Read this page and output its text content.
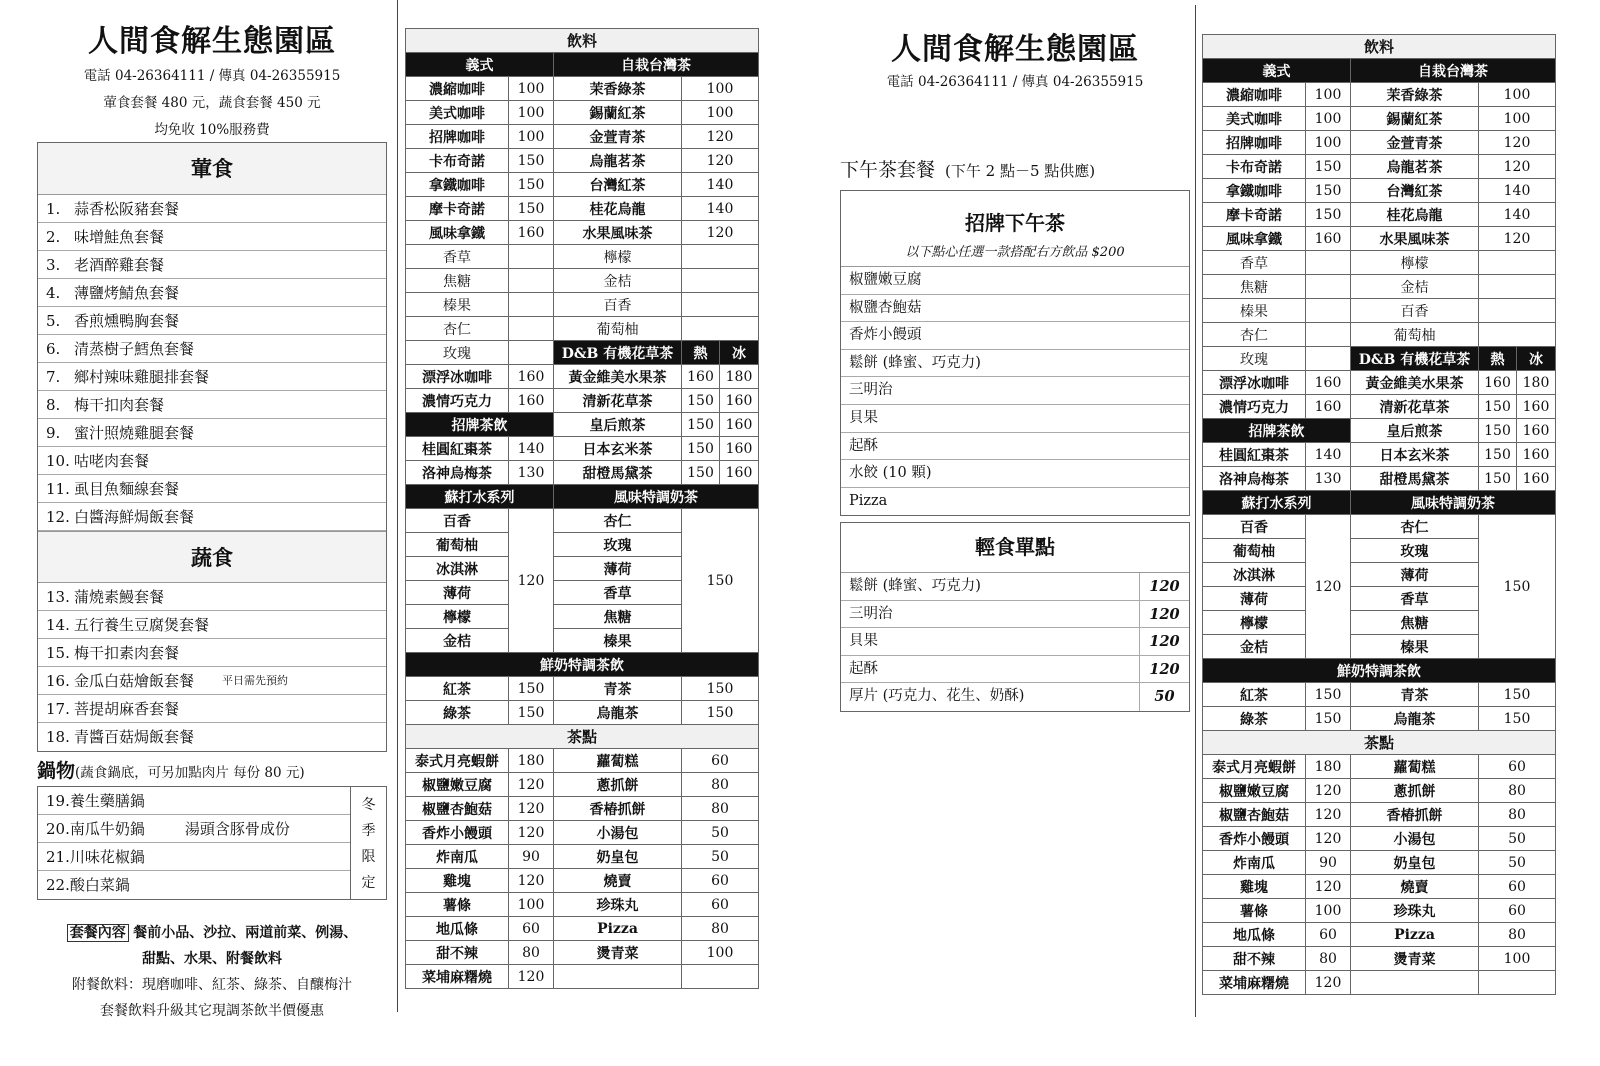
人間食解生態園區
電話 04-26364111 / 傳真 04-26355915
葷食套餐 480 元，蔬食套餐 450 元
均免收 10%服務費
葷食
1. 蒜香松阪豬套餐
2. 味增鮭魚套餐
3. 老酒醉雞套餐
4. 薄鹽烤鯖魚套餐
5. 香煎燻鴨胸套餐
6. 清蒸樹子鱈魚套餐
7. 鄉村辣味雞腿排套餐
8. 梅干扣肉套餐
9. 蜜汁照燒雞腿套餐
10. 咕咾肉套餐
11. 虱目魚麵線套餐
12. 白醬海鮮焗飯套餐
蔬食
13. 蒲燒素鰻套餐
14. 五行養生豆腐煲套餐
15. 梅干扣素肉套餐
16. 金瓜白菇燴飯套餐	平日需先預約
17. 菩提胡麻香套餐
18. 青醬百菇焗飯套餐
鍋物(蔬食鍋底，可另加點肉片 每份 80 元)
19. 養生藥膳鍋
20. 南瓜牛奶鍋	湯頭含豚骨成份
21. 川味花椒鍋
22. 酸白菜鍋
冬
季
限
定
套餐內容 餐前小品、沙拉、兩道前菜、例湯、
甜點、水果、附餐飲料
附餐飲料：現磨咖啡、紅茶、綠茶、自釀梅汁
套餐飲料升級其它現調茶飲半價優惠
飲料				
義式		自栽台灣茶		
濃縮咖啡	100	茉香綠茶	100	
美式咖啡	100	錫蘭紅茶	100	
招牌咖啡	100	金萱青茶	120	
卡布奇諾	150	烏龍茗茶	120	
拿鐵咖啡	150	台灣紅茶	140	
摩卡奇諾	150	桂花烏龍	140	
風味拿鐵	160	水果風味茶	120	
香草		檸檬		
焦糖		金桔		
榛果		百香		
杏仁		葡萄柚		
玫瑰		D&B 有機花草茶	熱	冰
漂浮冰咖啡	160	黃金維美水果茶	160	180
濃情巧克力	160	清新花草茶	150	160
招牌茶飲		皇后煎茶	150	160
桂圓紅棗茶	140	日本玄米茶	150	160
洛神烏梅茶	130	甜橙馬黛茶	150	160
蘇打水系列		風味特調奶茶		
百香	120	杏仁	150	
葡萄柚		玫瑰		
冰淇淋		薄荷		
薄荷		香草		
檸檬		焦糖		
金桔		榛果		
鮮奶特調茶飲				
紅茶	150	青茶	150	
綠茶	150	烏龍茶	150	
茶點				
泰式月亮蝦餅	180	蘿蔔糕	60	
椒鹽嫩豆腐	120	蔥抓餅	80	
椒鹽杏鮑菇	120	香椿抓餅	80	
香炸小饅頭	120	小湯包	50	
炸南瓜	90	奶皇包	50	
雞塊	120	燒賣	60	
薯條	100	珍珠丸	60	
地瓜條	60	Pizza	80	
甜不辣	80	燙青菜	100	
菜埔麻糬燒	120			
飲料				
義式		自栽台灣茶		
濃縮咖啡	100	茉香綠茶	100	
美式咖啡	100	錫蘭紅茶	100	
招牌咖啡	100	金萱青茶	120	
卡布奇諾	150	烏龍茗茶	120	
拿鐵咖啡	150	台灣紅茶	140	
摩卡奇諾	150	桂花烏龍	140	
風味拿鐵	160	水果風味茶	120	
香草		檸檬		
焦糖		金桔		
榛果		百香		
杏仁		葡萄柚		
玫瑰		D&B 有機花草茶	熱	冰
漂浮冰咖啡	160	黃金維美水果茶	160	180
濃情巧克力	160	清新花草茶	150	160
招牌茶飲		皇后煎茶	150	160
桂圓紅棗茶	140	日本玄米茶	150	160
洛神烏梅茶	130	甜橙馬黛茶	150	160
蘇打水系列		風味特調奶茶		
百香	120	杏仁	150	
葡萄柚		玫瑰		
冰淇淋		薄荷		
薄荷		香草		
檸檬		焦糖		
金桔		榛果		
鮮奶特調茶飲				
紅茶	150	青茶	150	
綠茶	150	烏龍茶	150	
茶點				
泰式月亮蝦餅	180	蘿蔔糕	60	
椒鹽嫩豆腐	120	蔥抓餅	80	
椒鹽杏鮑菇	120	香椿抓餅	80	
香炸小饅頭	120	小湯包	50	
炸南瓜	90	奶皇包	50	
雞塊	120	燒賣	60	
薯條	100	珍珠丸	60	
地瓜條	60	Pizza	80	
甜不辣	80	燙青菜	100	
菜埔麻糬燒	120			
人間食解生態園區
電話 04-26364111 / 傳真 04-26355915
下午茶套餐 (下午 2 點－5 點供應)
招牌下午茶
以下點心任選一款搭配右方飲品 $200
椒鹽嫩豆腐
椒鹽杏鮑菇
香炸小饅頭
鬆餅 (蜂蜜、巧克力)
三明治
貝果
起酥
水餃 (10 顆)
Pizza
輕食單點
鬆餅 (蜂蜜、巧克力)	120
三明治	120
貝果	120
起酥	120
厚片 (巧克力、花生、奶酥)	50
